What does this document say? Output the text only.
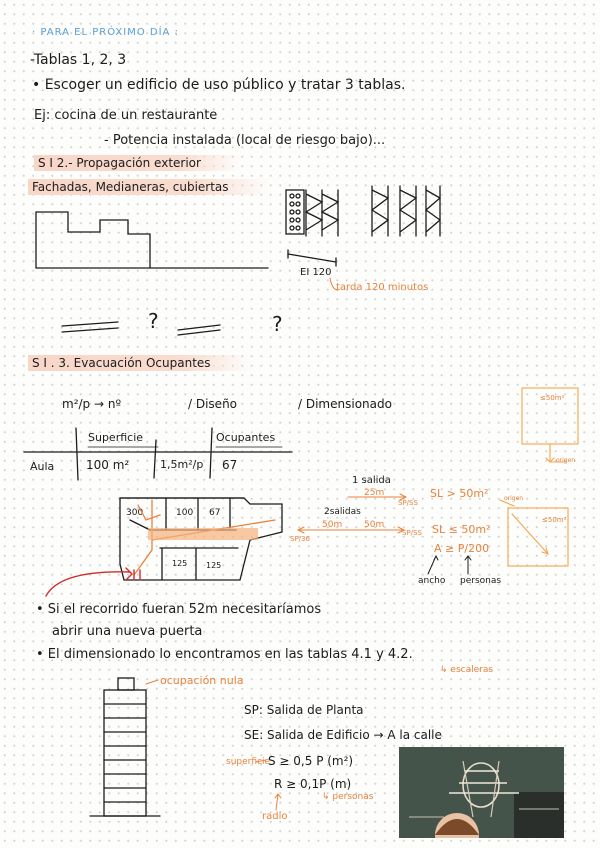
· PARA EL PRÓXIMO DÍA :
-Tablas 1, 2, 3
• Escoger un edificio de uso público y tratar 3 tablas.
Ej: cocina de un restaurante
- Potencia instalada (local de riesgo bajo)...
S I 2.- Propagación exterior
Fachadas, Medianeras, cubiertas
EI 120
tarda 120 minutos
?	?
S I . 3. Evacuación Ocupantes
m²/p → nº	/ Diseño	/ Dimensionado
Superficie	Ocupantes
Aula	100 m²	1,5m²/p 67
300	100 67
125 125
1 salida
25m
SP/SS
SL > 50m²
2salidas
50m 50m
SP/36
SP/SS SL ≤ 50m²
A ≥ P/200
ancho personas
≤50m²
origen
origen
≤50m²
• Si el recorrido fueran 52m necesitaríamos
abrir una nueva puerta
• El dimensionado lo encontramos en las tablas 4.1 y 4.2.
↳ escaleras
ocupación nula
SP: Salida de Planta
SE: Salida de Edificio → A la calle
superficie
S ≥ 0,5 P (m²)
R ≥ 0,1P (m)
↳ personas
radio
